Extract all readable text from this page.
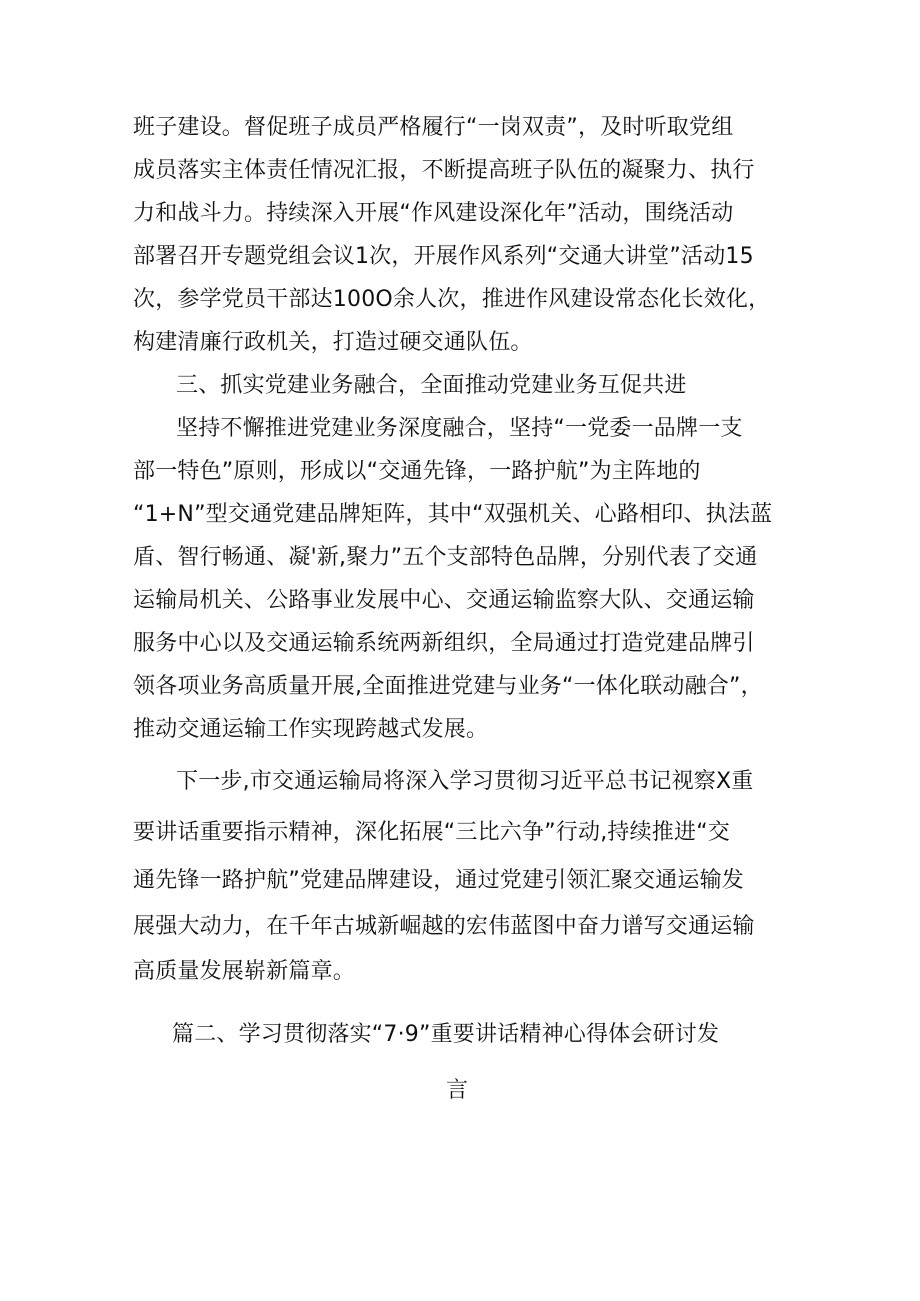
班子建设。督促班子成员严格履行“一岗双责”，及时听取党组
成员落实主体责任情况汇报，不断提高班子队伍的凝聚力、执行
力和战斗力。持续深入开展“作风建设深化年”活动，围绕活动
部署召开专题党组会议1次，开展作风系列“交通大讲堂”活动15
次，参学党员干部达100O余人次，推进作风建设常态化长效化，
构建清廉行政机关，打造过硬交通队伍。
三、抓实党建业务融合，全面推动党建业务互促共进
坚持不懈推进党建业务深度融合，坚持“一党委一品牌一支
部一特色”原则，形成以“交通先锋，一路护航”为主阵地的
“1+N”型交通党建品牌矩阵，其中“双强机关、心路相印、执法蓝
盾、智行畅通、凝'新,聚力”五个支部特色品牌，分别代表了交通
运输局机关、公路事业发展中心、交通运输监察大队、交通运输
服务中心以及交通运输系统两新组织，全局通过打造党建品牌引
领各项业务高质量开展,全面推进党建与业务“一体化联动融合”，
推动交通运输工作实现跨越式发展。
下一步,市交通运输局将深入学习贯彻习近平总书记视察X重
要讲话重要指示精神，深化拓展“三比六争”行动,持续推进“交
通先锋一路护航”党建品牌建设，通过党建引领汇聚交通运输发
展强大动力，在千年古城新崛越的宏伟蓝图中奋力谱写交通运输
高质量发展崭新篇章。
篇二、学习贯彻落实“7·9”重要讲话精神心得体会研讨发
言
